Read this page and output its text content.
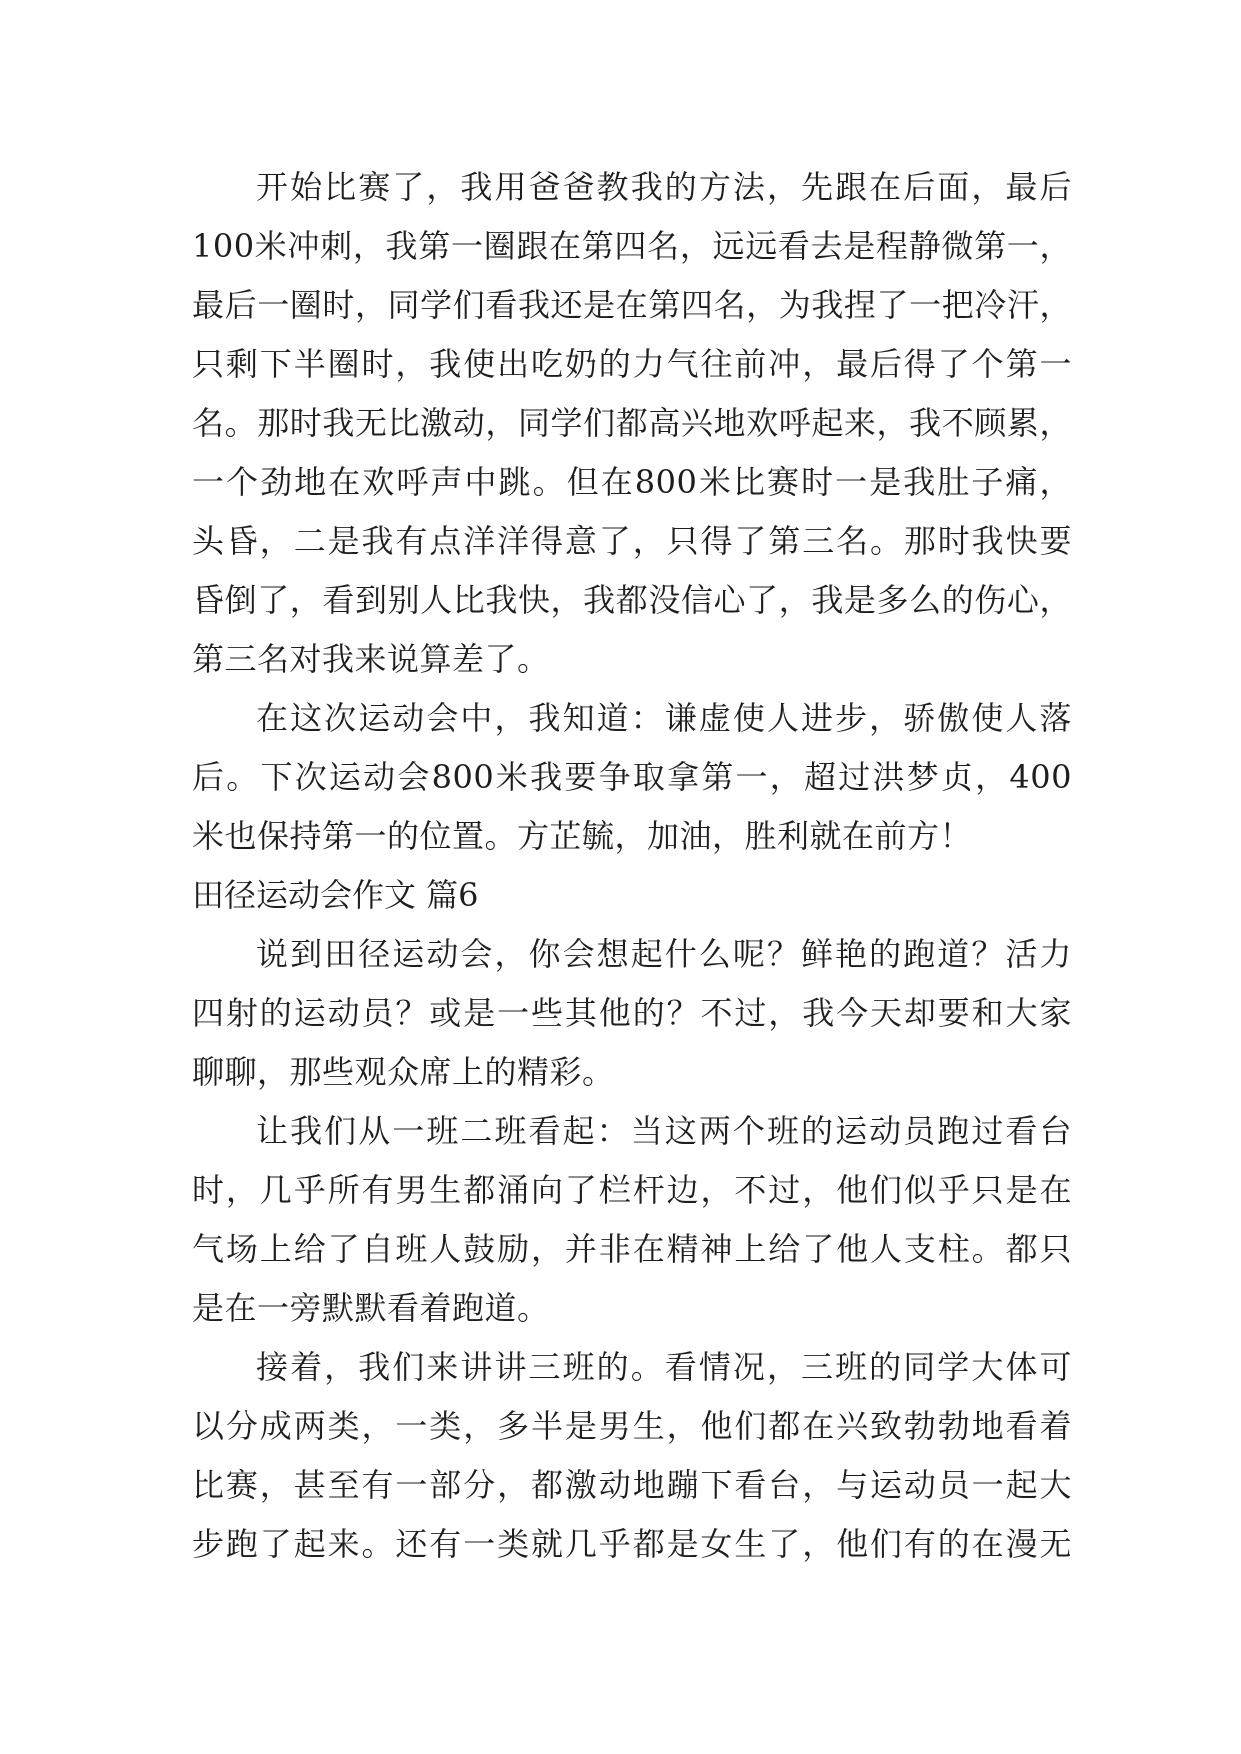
开始比赛了，我用爸爸教我的方法，先跟在后面，最后
100米冲刺，我第一圈跟在第四名，远远看去是程静微第一，
最后一圈时，同学们看我还是在第四名，为我捏了一把冷汗，
只剩下半圈时，我使出吃奶的力气往前冲，最后得了个第一
名。那时我无比激动，同学们都高兴地欢呼起来，我不顾累，
一个劲地在欢呼声中跳。但在800米比赛时一是我肚子痛，
头昏，二是我有点洋洋得意了，只得了第三名。那时我快要
昏倒了，看到别人比我快，我都没信心了，我是多么的伤心，
第三名对我来说算差了。
在这次运动会中，我知道：谦虚使人进步，骄傲使人落
后。下次运动会800米我要争取拿第一，超过洪梦贞，400
米也保持第一的位置。方芷毓，加油，胜利就在前方！
田径运动会作文 篇6
说到田径运动会，你会想起什么呢？鲜艳的跑道？活力
四射的运动员？或是一些其他的？不过，我今天却要和大家
聊聊，那些观众席上的精彩。
让我们从一班二班看起：当这两个班的运动员跑过看台
时，几乎所有男生都涌向了栏杆边，不过，他们似乎只是在
气场上给了自班人鼓励，并非在精神上给了他人支柱。都只
是在一旁默默看着跑道。
接着，我们来讲讲三班的。看情况，三班的同学大体可
以分成两类，一类，多半是男生，他们都在兴致勃勃地看着
比赛，甚至有一部分，都激动地蹦下看台，与运动员一起大
步跑了起来。还有一类就几乎都是女生了，他们有的在漫无
